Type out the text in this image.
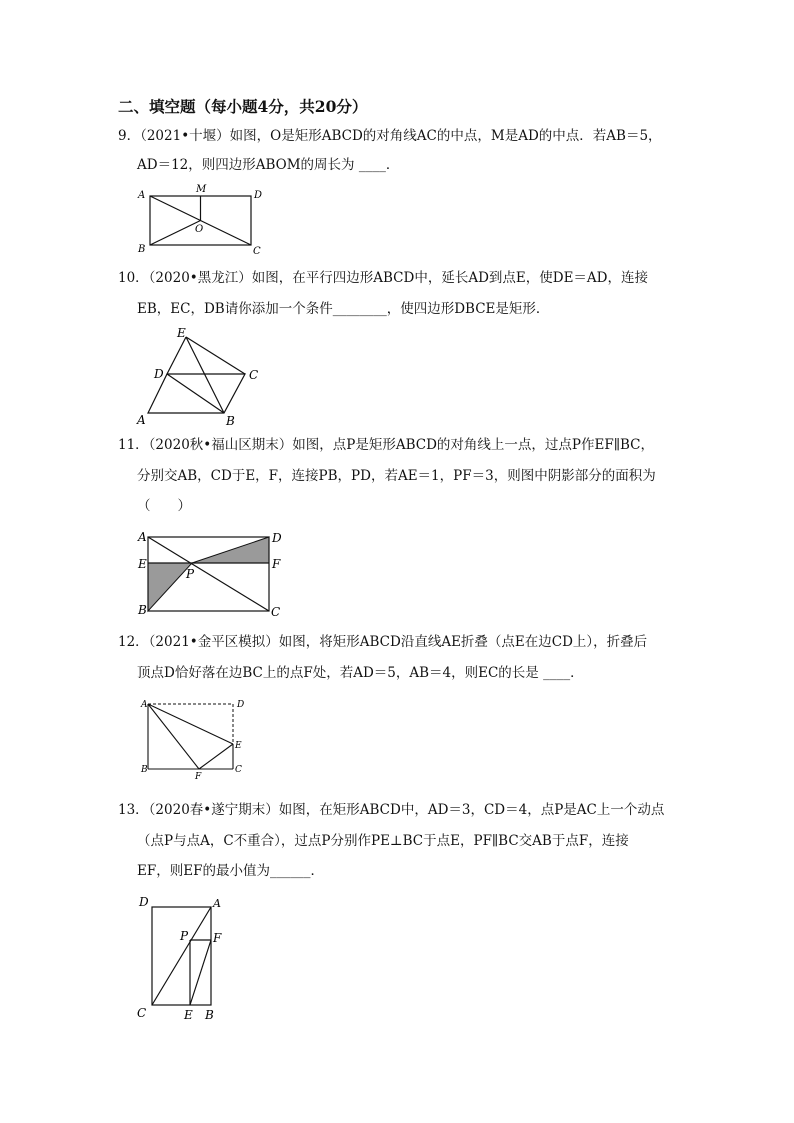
二、填空题（每小题4分，共20分）
9．（2021•十堰）如图，O是矩形ABCD的对角线AC的中点，M是AD的中点．若AB＝5，
AD＝12，则四边形ABOM的周长为 ____．
A
M
D
O
B	C
10．（2020•黑龙江）如图，在平行四边形ABCD中，延长AD到点E，使DE＝AD，连接
EB，EC，DB请你添加一个条件________，使四边形DBCE是矩形．
E
D	C
A	B
11．（2020秋•福山区期末）如图，点P是矩形ABCD的对角线上一点，过点P作EF∥BC，
分别交AB，CD于E，F，连接PB，PD，若AE＝1，PF＝3，则图中阴影部分的面积为
（　　）
A	D
E
P
F
B	C
12．（2021•金平区模拟）如图，将矩形ABCD沿直线AE折叠（点E在边CD上），折叠后
顶点D恰好落在边BC上的点F处，若AD＝5，AB＝4，则EC的长是 ____．
A	D
E
B
F
C
13．（2020春•遂宁期末）如图，在矩形ABCD中，AD＝3，CD＝4，点P是AC上一个动点
（点P与点A，C不重合），过点P分别作PE⊥BC于点E，PF∥BC交AB于点F，连接
EF，则EF的最小值为______．
D	A
P F
C	E B
